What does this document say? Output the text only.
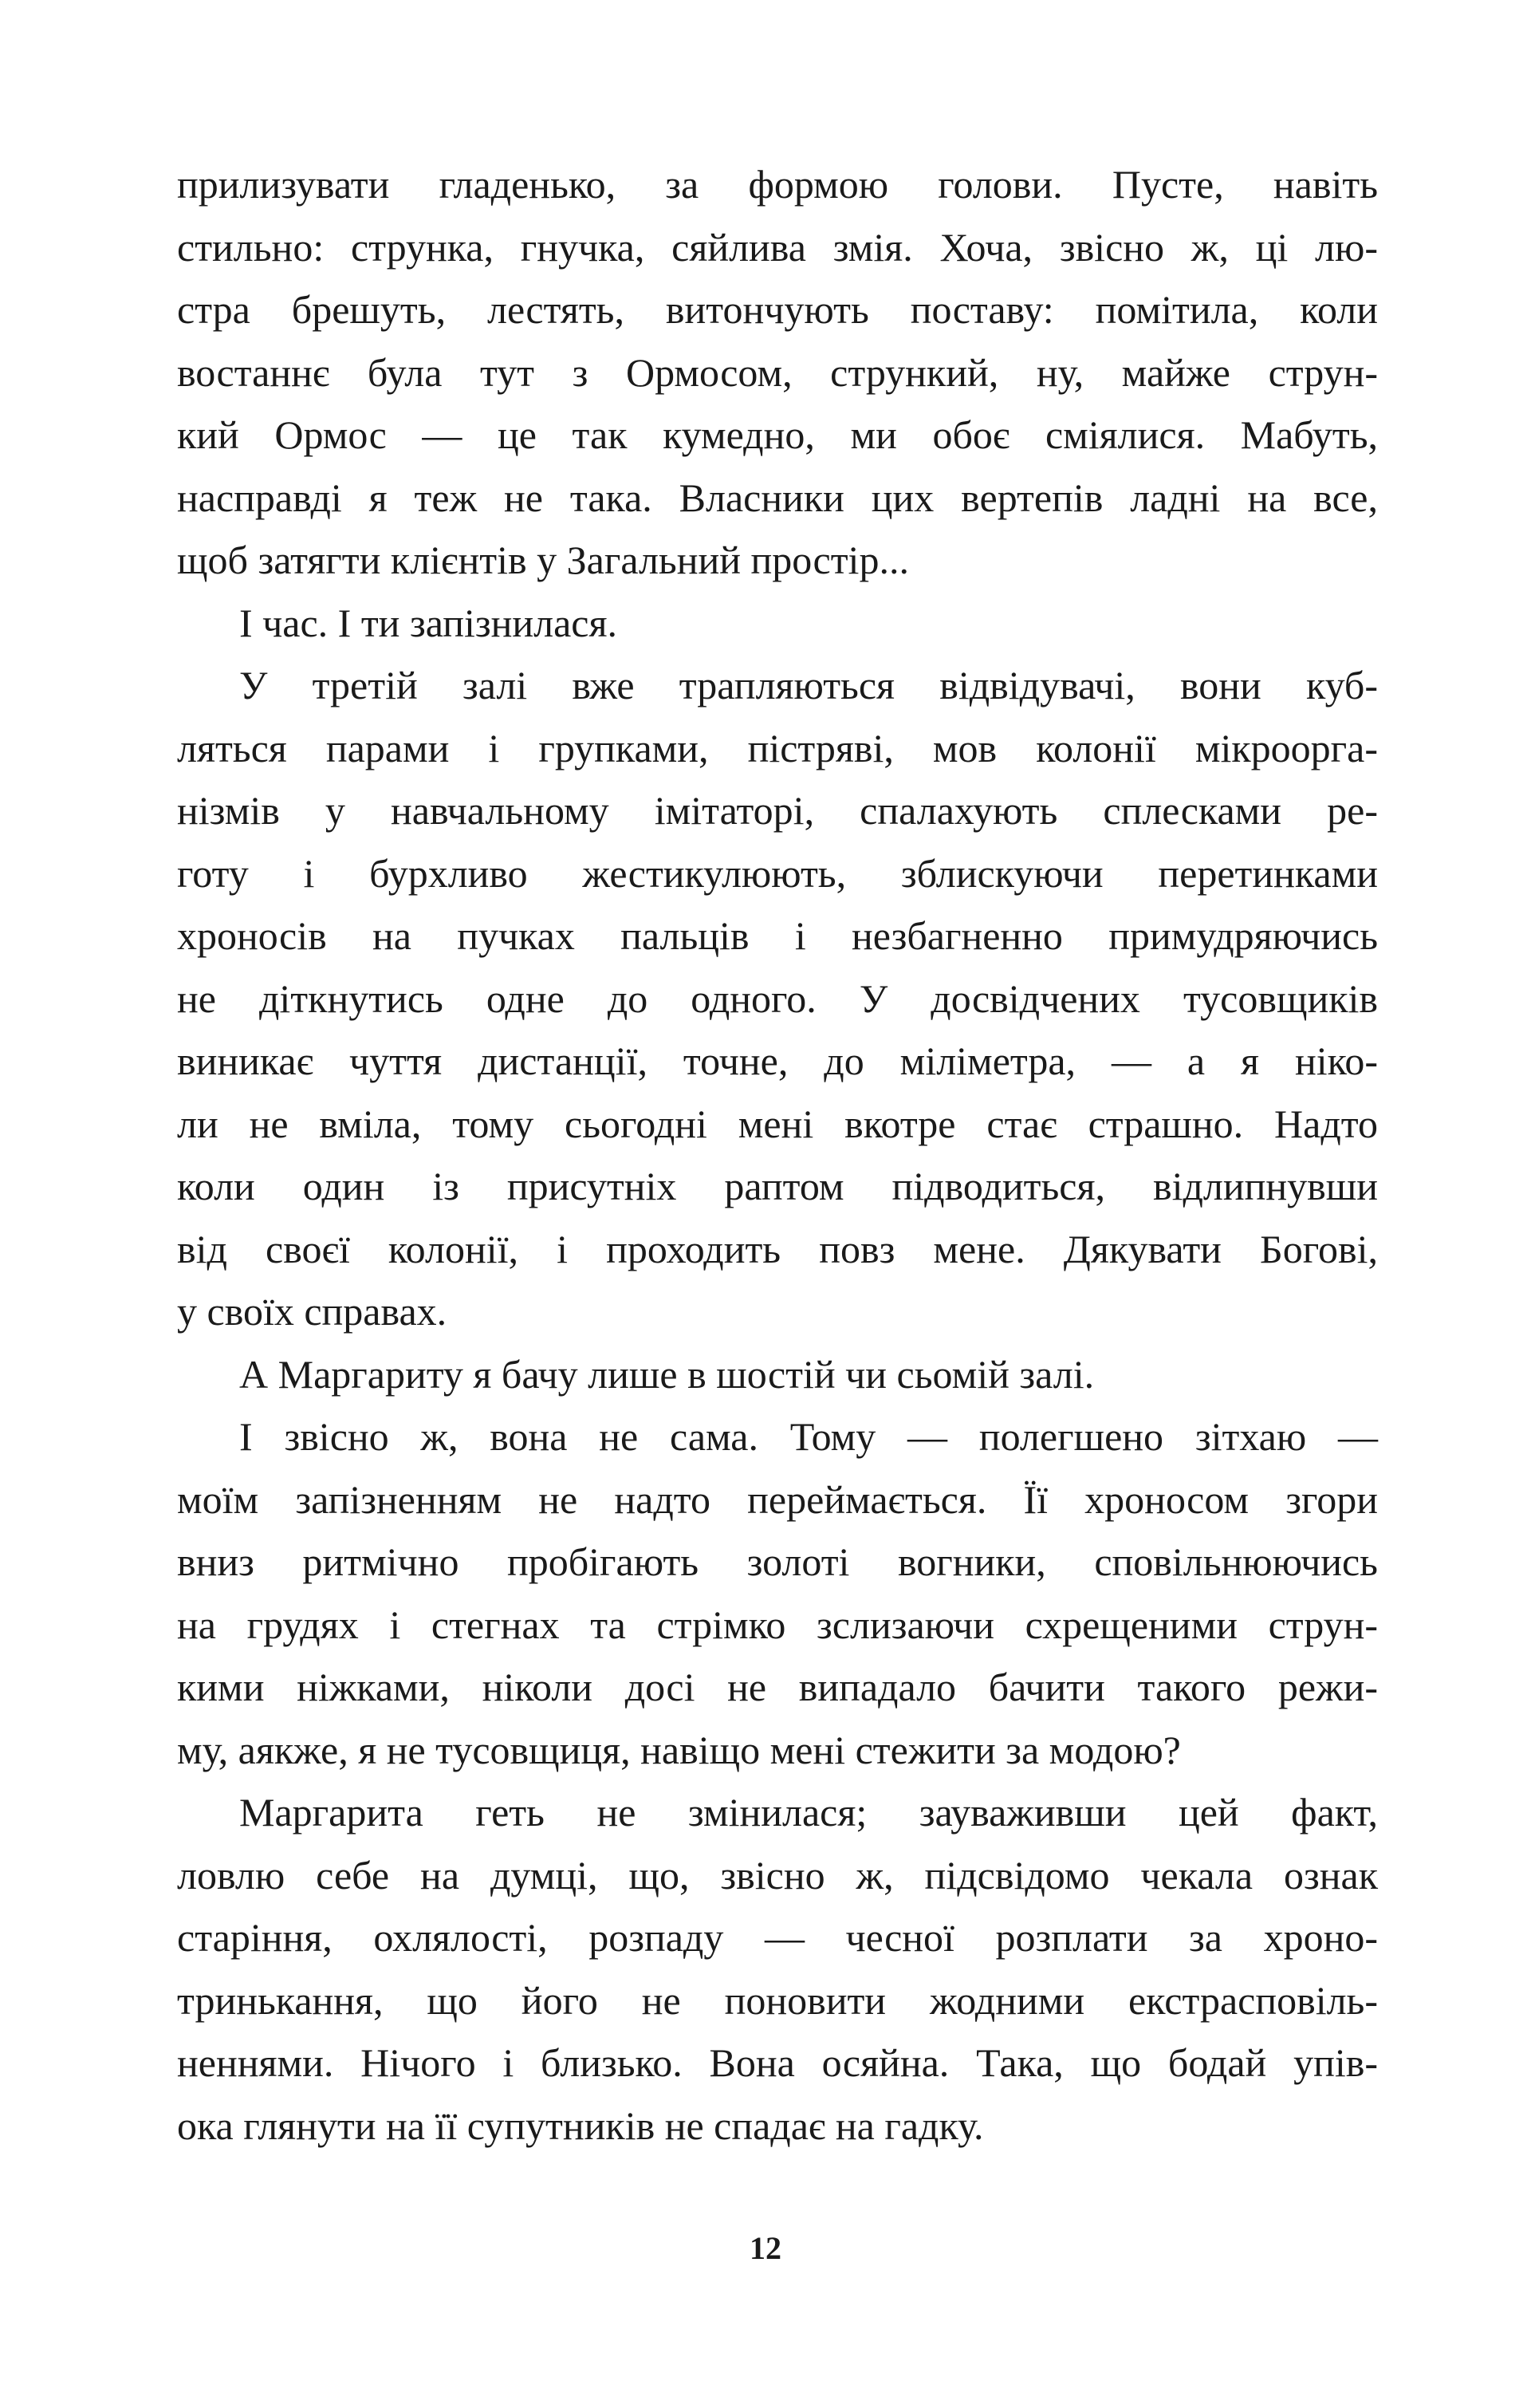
прилизувати гладенько, за формою голови. Пусте, навіть
стильно: струнка, гнучка, сяйлива змія. Хоча, звісно ж, ці лю-
стра брешуть, лестять, витончують поставу: помітила, коли
востаннє була тут з Ормосом, стрункий, ну, майже струн-
кий Ормос — це так кумедно, ми обоє сміялися. Мабуть,
насправді я теж не така. Власники цих вертепів ладні на все,
щоб затягти клієнтів у Загальний простір...
І час. І ти запізнилася.
У третій залі вже трапляються відвідувачі, вони куб-
ляться парами і групками, пістряві, мов колонії мікроорга-
нізмів у навчальному імітаторі, спалахують сплесками ре-
готу і бурхливо жестикулюють, зблискуючи перетинками
хроносів на пучках пальців і незбагненно примудряючись
не діткнутись одне до одного. У досвідчених тусовщиків
виникає чуття дистанції, точне, до міліметра, — а я ніко-
ли не вміла, тому сьогодні мені вкотре стає страшно. Надто
коли один із присутніх раптом підводиться, відлипнувши
від своєї колонії, і проходить повз мене. Дякувати Богові,
у своїх справах.
А Маргариту я бачу лише в шостій чи сьомій залі.
І звісно ж, вона не сама. Тому — полегшено зітхаю —
моїм запізненням не надто переймається. Її хроносом згори
вниз ритмічно пробігають золоті вогники, сповільнюючись
на грудях і стегнах та стрімко зслизаючи схрещеними струн-
кими ніжками, ніколи досі не випадало бачити такого режи-
му, аякже, я не тусовщиця, навіщо мені стежити за модою?
Маргарита геть не змінилася; зауваживши цей факт,
ловлю себе на думці, що, звісно ж, підсвідомо чекала ознак
старіння, охлялості, розпаду — чесної розплати за хроно-
тринькання, що його не поновити жодними екстрасповіль-
неннями. Нічого і близько. Вона осяйна. Така, що бодай упів-
ока глянути на її супутників не спадає на гадку.
12
